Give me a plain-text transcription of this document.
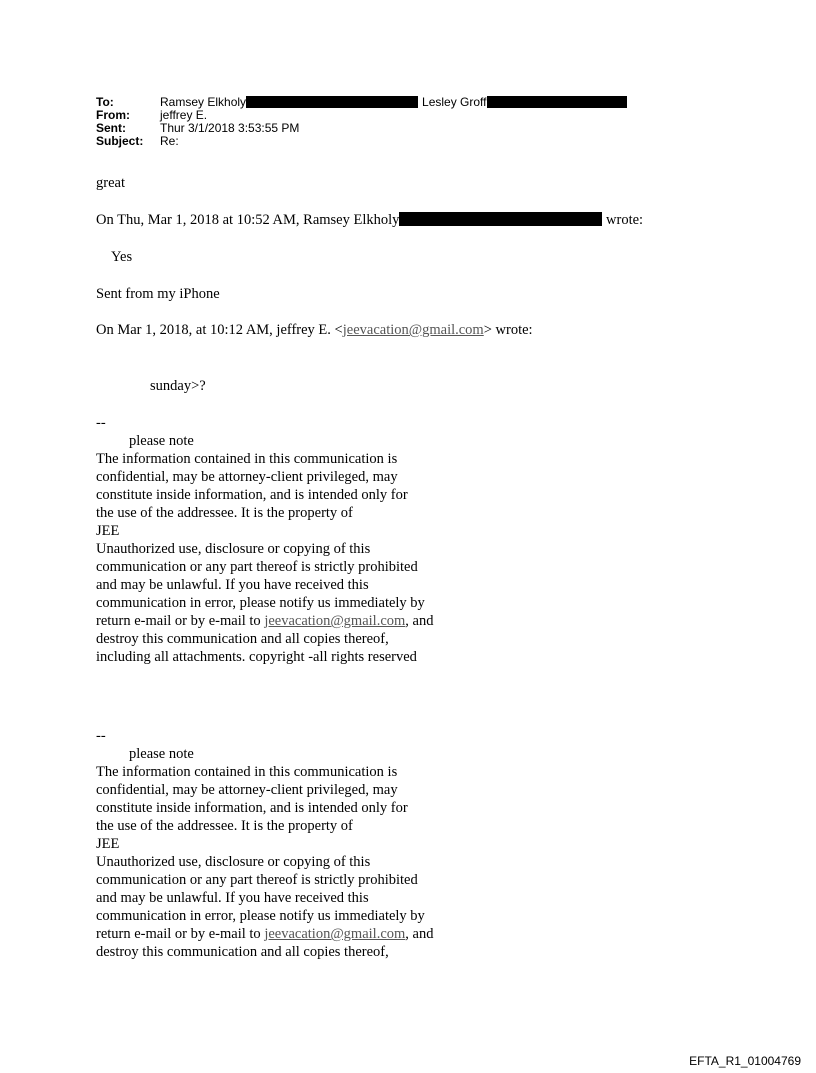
To:	Ramsey Elkholy	Lesley Groff
From:	jeffrey E.
Sent:	Thur 3/1/2018 3:53:55 PM
Subject: Re:
great
On Thu, Mar 1, 2018 at 10:52 AM, Ramsey Elkholy	wrote:
Yes
Sent from my iPhone
On Mar 1, 2018, at 10:12 AM, jeffrey E. <jeevacation@gmail.com> wrote:
sunday>?
--
please note
The information contained in this communication is
confidential, may be attorney-client privileged, may
constitute inside information, and is intended only for
the use of the addressee. It is the property of
JEE
Unauthorized use, disclosure or copying of this
communication or any part thereof is strictly prohibited
and may be unlawful. If you have received this
communication in error, please notify us immediately by
return e-mail or by e-mail to jeevacation@gmail.com, and
destroy this communication and all copies thereof,
including all attachments. copyright -all rights reserved
--
please note
The information contained in this communication is
confidential, may be attorney-client privileged, may
constitute inside information, and is intended only for
the use of the addressee. It is the property of
JEE
Unauthorized use, disclosure or copying of this
communication or any part thereof is strictly prohibited
and may be unlawful. If you have received this
communication in error, please notify us immediately by
return e-mail or by e-mail to jeevacation@gmail.com, and
destroy this communication and all copies thereof,
EFTA_R1_01004769
